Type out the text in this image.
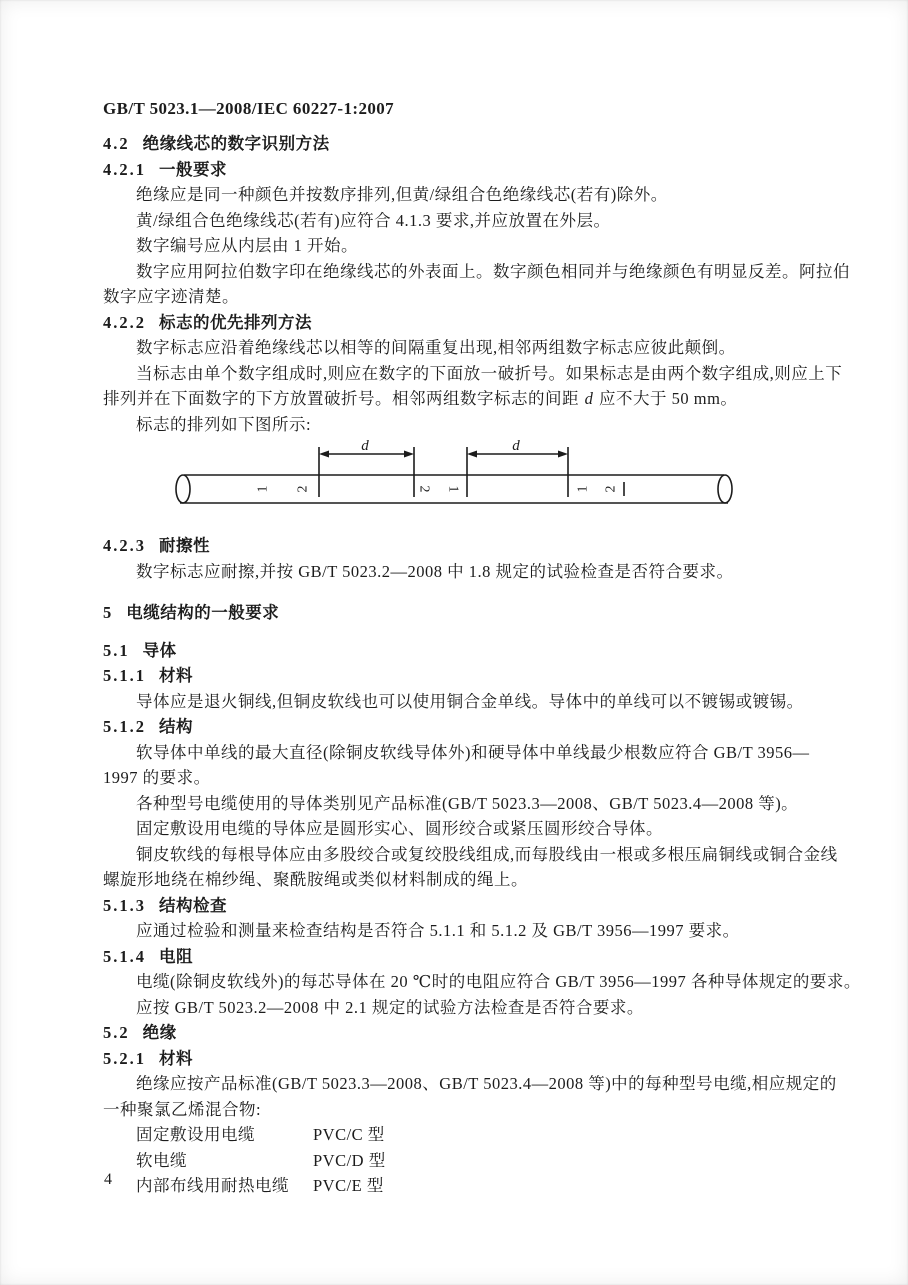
GB/T 5023.1—2008/IEC 60227-1:2007
4.2 绝缘线芯的数字识别方法
4.2.1 一般要求
绝缘应是同一种颜色并按数序排列,但黄/绿组合色绝缘线芯(若有)除外。
黄/绿组合色绝缘线芯(若有)应符合 4.1.3 要求,并应放置在外层。
数字编号应从内层由 1 开始。
数字应用阿拉伯数字印在绝缘线芯的外表面上。数字颜色相同并与绝缘颜色有明显反差。阿拉伯
数字应字迹清楚。
4.2.2 标志的优先排列方法
数字标志应沿着绝缘线芯以相等的间隔重复出现,相邻两组数字标志应彼此颠倒。
当标志由单个数字组成时,则应在数字的下面放一破折号。如果标志是由两个数字组成,则应上下
排列并在下面数字的下方放置破折号。相邻两组数字标志的间距 d 应不大于 50 mm。
标志的排列如下图所示:
d	d
1 2	2 1	1 2
4.2.3 耐擦性
数字标志应耐擦,并按 GB/T 5023.2—2008 中 1.8 规定的试验检查是否符合要求。
5 电缆结构的一般要求
5.1 导体
5.1.1 材料
导体应是退火铜线,但铜皮软线也可以使用铜合金单线。导体中的单线可以不镀锡或镀锡。
5.1.2 结构
软导体中单线的最大直径(除铜皮软线导体外)和硬导体中单线最少根数应符合 GB/T 3956—
1997 的要求。
各种型号电缆使用的导体类别见产品标准(GB/T 5023.3—2008、GB/T 5023.4—2008 等)。
固定敷设用电缆的导体应是圆形实心、圆形绞合或紧压圆形绞合导体。
铜皮软线的每根导体应由多股绞合或复绞股线组成,而每股线由一根或多根压扁铜线或铜合金线
螺旋形地绕在棉纱绳、聚酰胺绳或类似材料制成的绳上。
5.1.3 结构检查
应通过检验和测量来检查结构是否符合 5.1.1 和 5.1.2 及 GB/T 3956—1997 要求。
5.1.4 电阻
电缆(除铜皮软线外)的每芯导体在 20 ℃时的电阻应符合 GB/T 3956—1997 各种导体规定的要求。
应按 GB/T 5023.2—2008 中 2.1 规定的试验方法检查是否符合要求。
5.2 绝缘
5.2.1 材料
绝缘应按产品标准(GB/T 5023.3—2008、GB/T 5023.4—2008 等)中的每种型号电缆,相应规定的
一种聚氯乙烯混合物:
固定敷设用电缆	PVC/C 型
软电缆	PVC/D 型
内部布线用耐热电缆	PVC/E 型
4
